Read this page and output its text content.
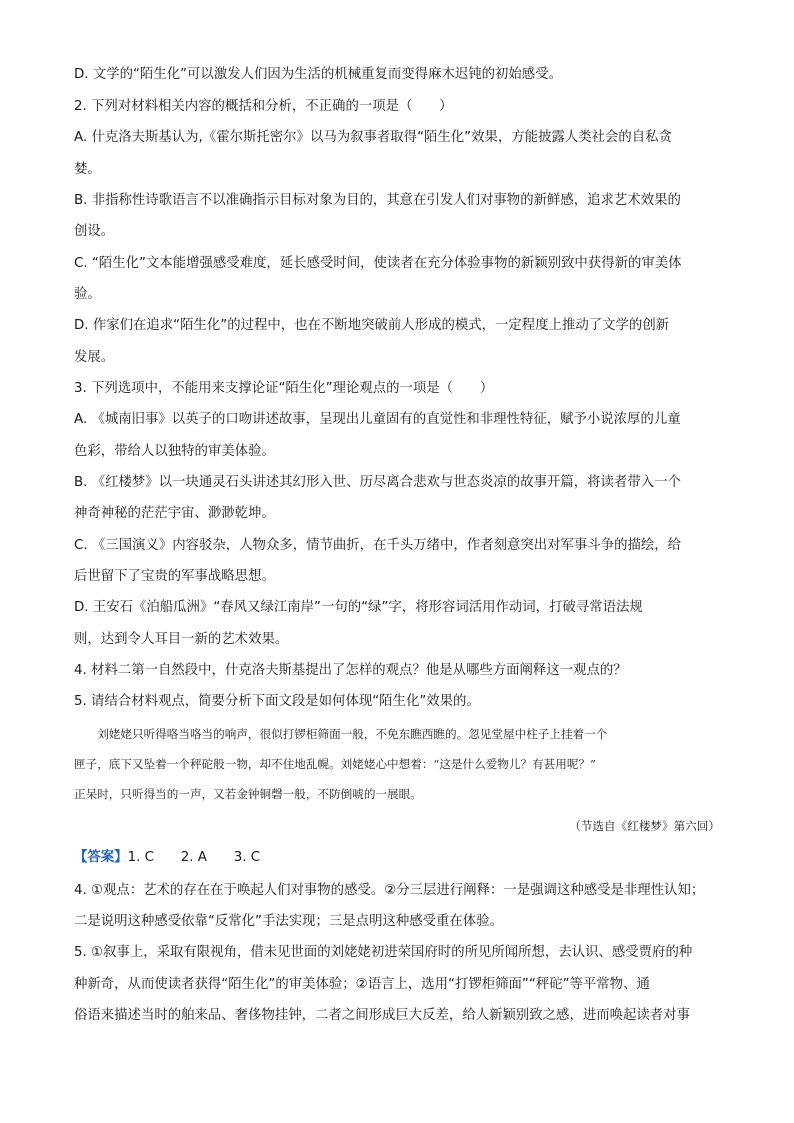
D. 文学的“陌生化”可以激发人们因为生活的机械重复而变得麻木迟钝的初始感受。
2. 下列对材料相关内容的概括和分析，不正确的一项是（　　）
A. 什克洛夫斯基认为,《霍尔斯托密尔》以马为叙事者取得“陌生化”效果，方能披露人类社会的自私贪
婪。
B. 非指称性诗歌语言不以准确指示目标对象为目的，其意在引发人们对事物的新鲜感，追求艺术效果的
创设。
C. “陌生化”文本能增强感受难度，延长感受时间，使读者在充分体验事物的新颖别致中获得新的审美体
验。
D. 作家们在追求“陌生化”的过程中，也在不断地突破前人形成的模式，一定程度上推动了文学的创新
发展。
3. 下列选项中，不能用来支撑论证“陌生化”理论观点的一项是（　　）
A. 《城南旧事》以英子的口吻讲述故事，呈现出儿童固有的直觉性和非理性特征，赋予小说浓厚的儿童
色彩，带给人以独特的审美体验。
B. 《红楼梦》以一块通灵石头讲述其幻形入世、历尽离合悲欢与世态炎凉的故事开篇，将读者带入一个
神奇神秘的茫茫宇宙、渺渺乾坤。
C. 《三国演义》内容驳杂，人物众多，情节曲折，在千头万绪中，作者刻意突出对军事斗争的描绘，给
后世留下了宝贵的军事战略思想。
D. 王安石《泊船瓜洲》“春风又绿江南岸”一句的“绿”字，将形容词活用作动词，打破寻常语法规
则，达到令人耳目一新的艺术效果。
4. 材料二第一自然段中，什克洛夫斯基提出了怎样的观点？他是从哪些方面阐释这一观点的？
5. 请结合材料观点，简要分析下面文段是如何体现“陌生化”效果的。
　　刘姥姥只听得咯当咯当的响声，很似打锣柜筛面一般，不免东瞧西瞧的。忽见堂屋中柱子上挂着一个
匣子，底下又坠着一个秤砣般一物，却不住地乱幌。刘姥姥心中想着：“这是什么爱物儿？有甚用呢？”
正呆时，只听得当的一声，又若金钟铜磬一般，不防倒唬的一展眼。
（节选自《红楼梦》第六回）
【答案】1. C　　2. A　　3. C
4. ①观点：艺术的存在在于唤起人们对事物的感受。②分三层进行阐释：一是强调这种感受是非理性认知；
二是说明这种感受依靠“反常化”手法实现；三是点明这种感受重在体验。
5. ①叙事上，采取有限视角，借未见世面的刘姥姥初进荣国府时的所见所闻所想，去认识、感受贾府的种
种新奇，从而使读者获得“陌生化”的审美体验；②语言上，选用“打锣柜筛面”“秤砣”等平常物、通
俗语来描述当时的舶来品、奢侈物挂钟，二者之间形成巨大反差，给人新颖别致之感，进而唤起读者对事
